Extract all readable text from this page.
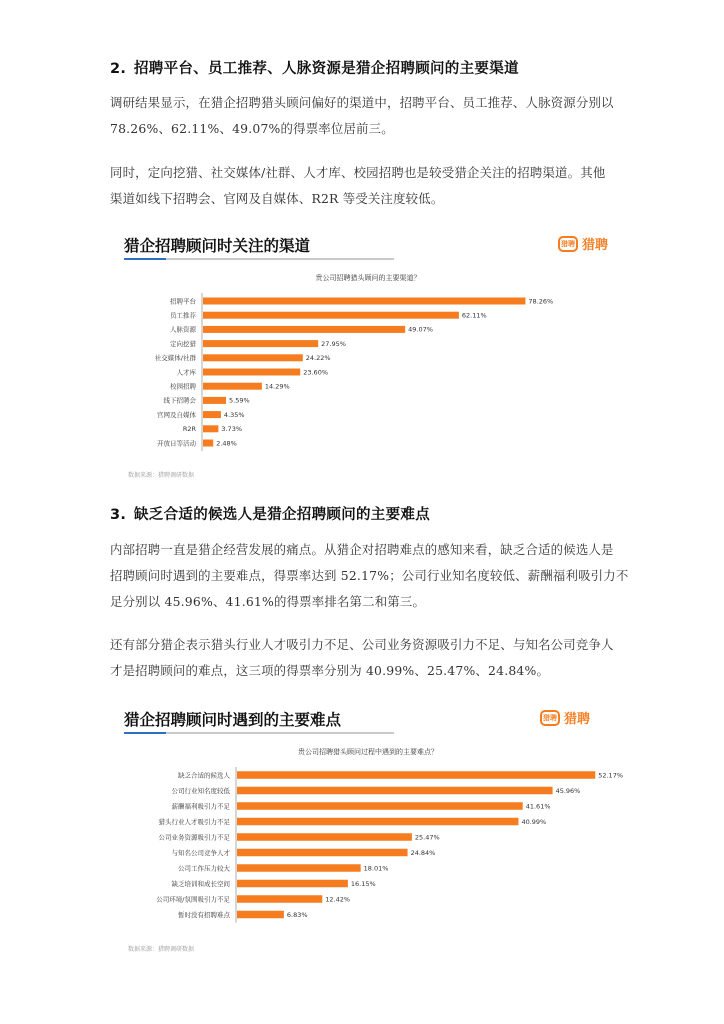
2. 招聘平台、员工推荐、人脉资源是猎企招聘顾问的主要渠道

调研结果显示，在猎企招聘猎头顾问偏好的渠道中，招聘平台、员工推荐、人脉资源分别以

78.26%、62.11%、49.07%的得票率位居前三。

同时，定向挖猎、社交媒体/社群、人才库、校园招聘也是较受猎企关注的招聘渠道。其他

渠道如线下招聘会、官网及自媒体、R2R 等受关注度较低。

猎企招聘顾问时关注的渠道	猎聘 猎聘
贵公司招聘猎头顾问的主要渠道？
招聘平台	78.26%
员工推荐	62.11%
人脉资源	49.07%
定向挖猎	27.95%
社交媒体/社群	24.22%
人才库	23.60%
校园招聘	14.29%
线下招聘会	5.59%
官网及自媒体	4.35%
R2R	3.73%
开放日等活动	2.48%
数据来源：猎聘调研数据
3. 缺乏合适的候选人是猎企招聘顾问的主要难点

内部招聘一直是猎企经营发展的痛点。从猎企对招聘难点的感知来看，缺乏合适的候选人是

招聘顾问时遇到的主要难点，得票率达到 52.17%；公司行业知名度较低、薪酬福利吸引力不

足分别以 45.96%、41.61%的得票率排名第二和第三。

还有部分猎企表示猎头行业人才吸引力不足、公司业务资源吸引力不足、与知名公司竞争人

才是招聘顾问的难点，这三项的得票率分别为 40.99%、25.47%、24.84%。

猎企招聘顾问时遇到的主要难点	猎聘 猎聘
贵公司招聘猎头顾问过程中遇到的主要难点？
缺乏合适的候选人	52.17%
公司行业知名度较低	45.96%
薪酬福利吸引力不足	41.61%
猎头行业人才吸引力不足	40.99%
公司业务资源吸引力不足	25.47%
与知名公司竞争人才	24.84%
公司工作压力较大	18.01%
缺乏培训和成长空间	16.15%
公司环境/氛围吸引力不足	12.42%
暂时没有招聘难点	6.83%
数据来源：猎聘调研数据
